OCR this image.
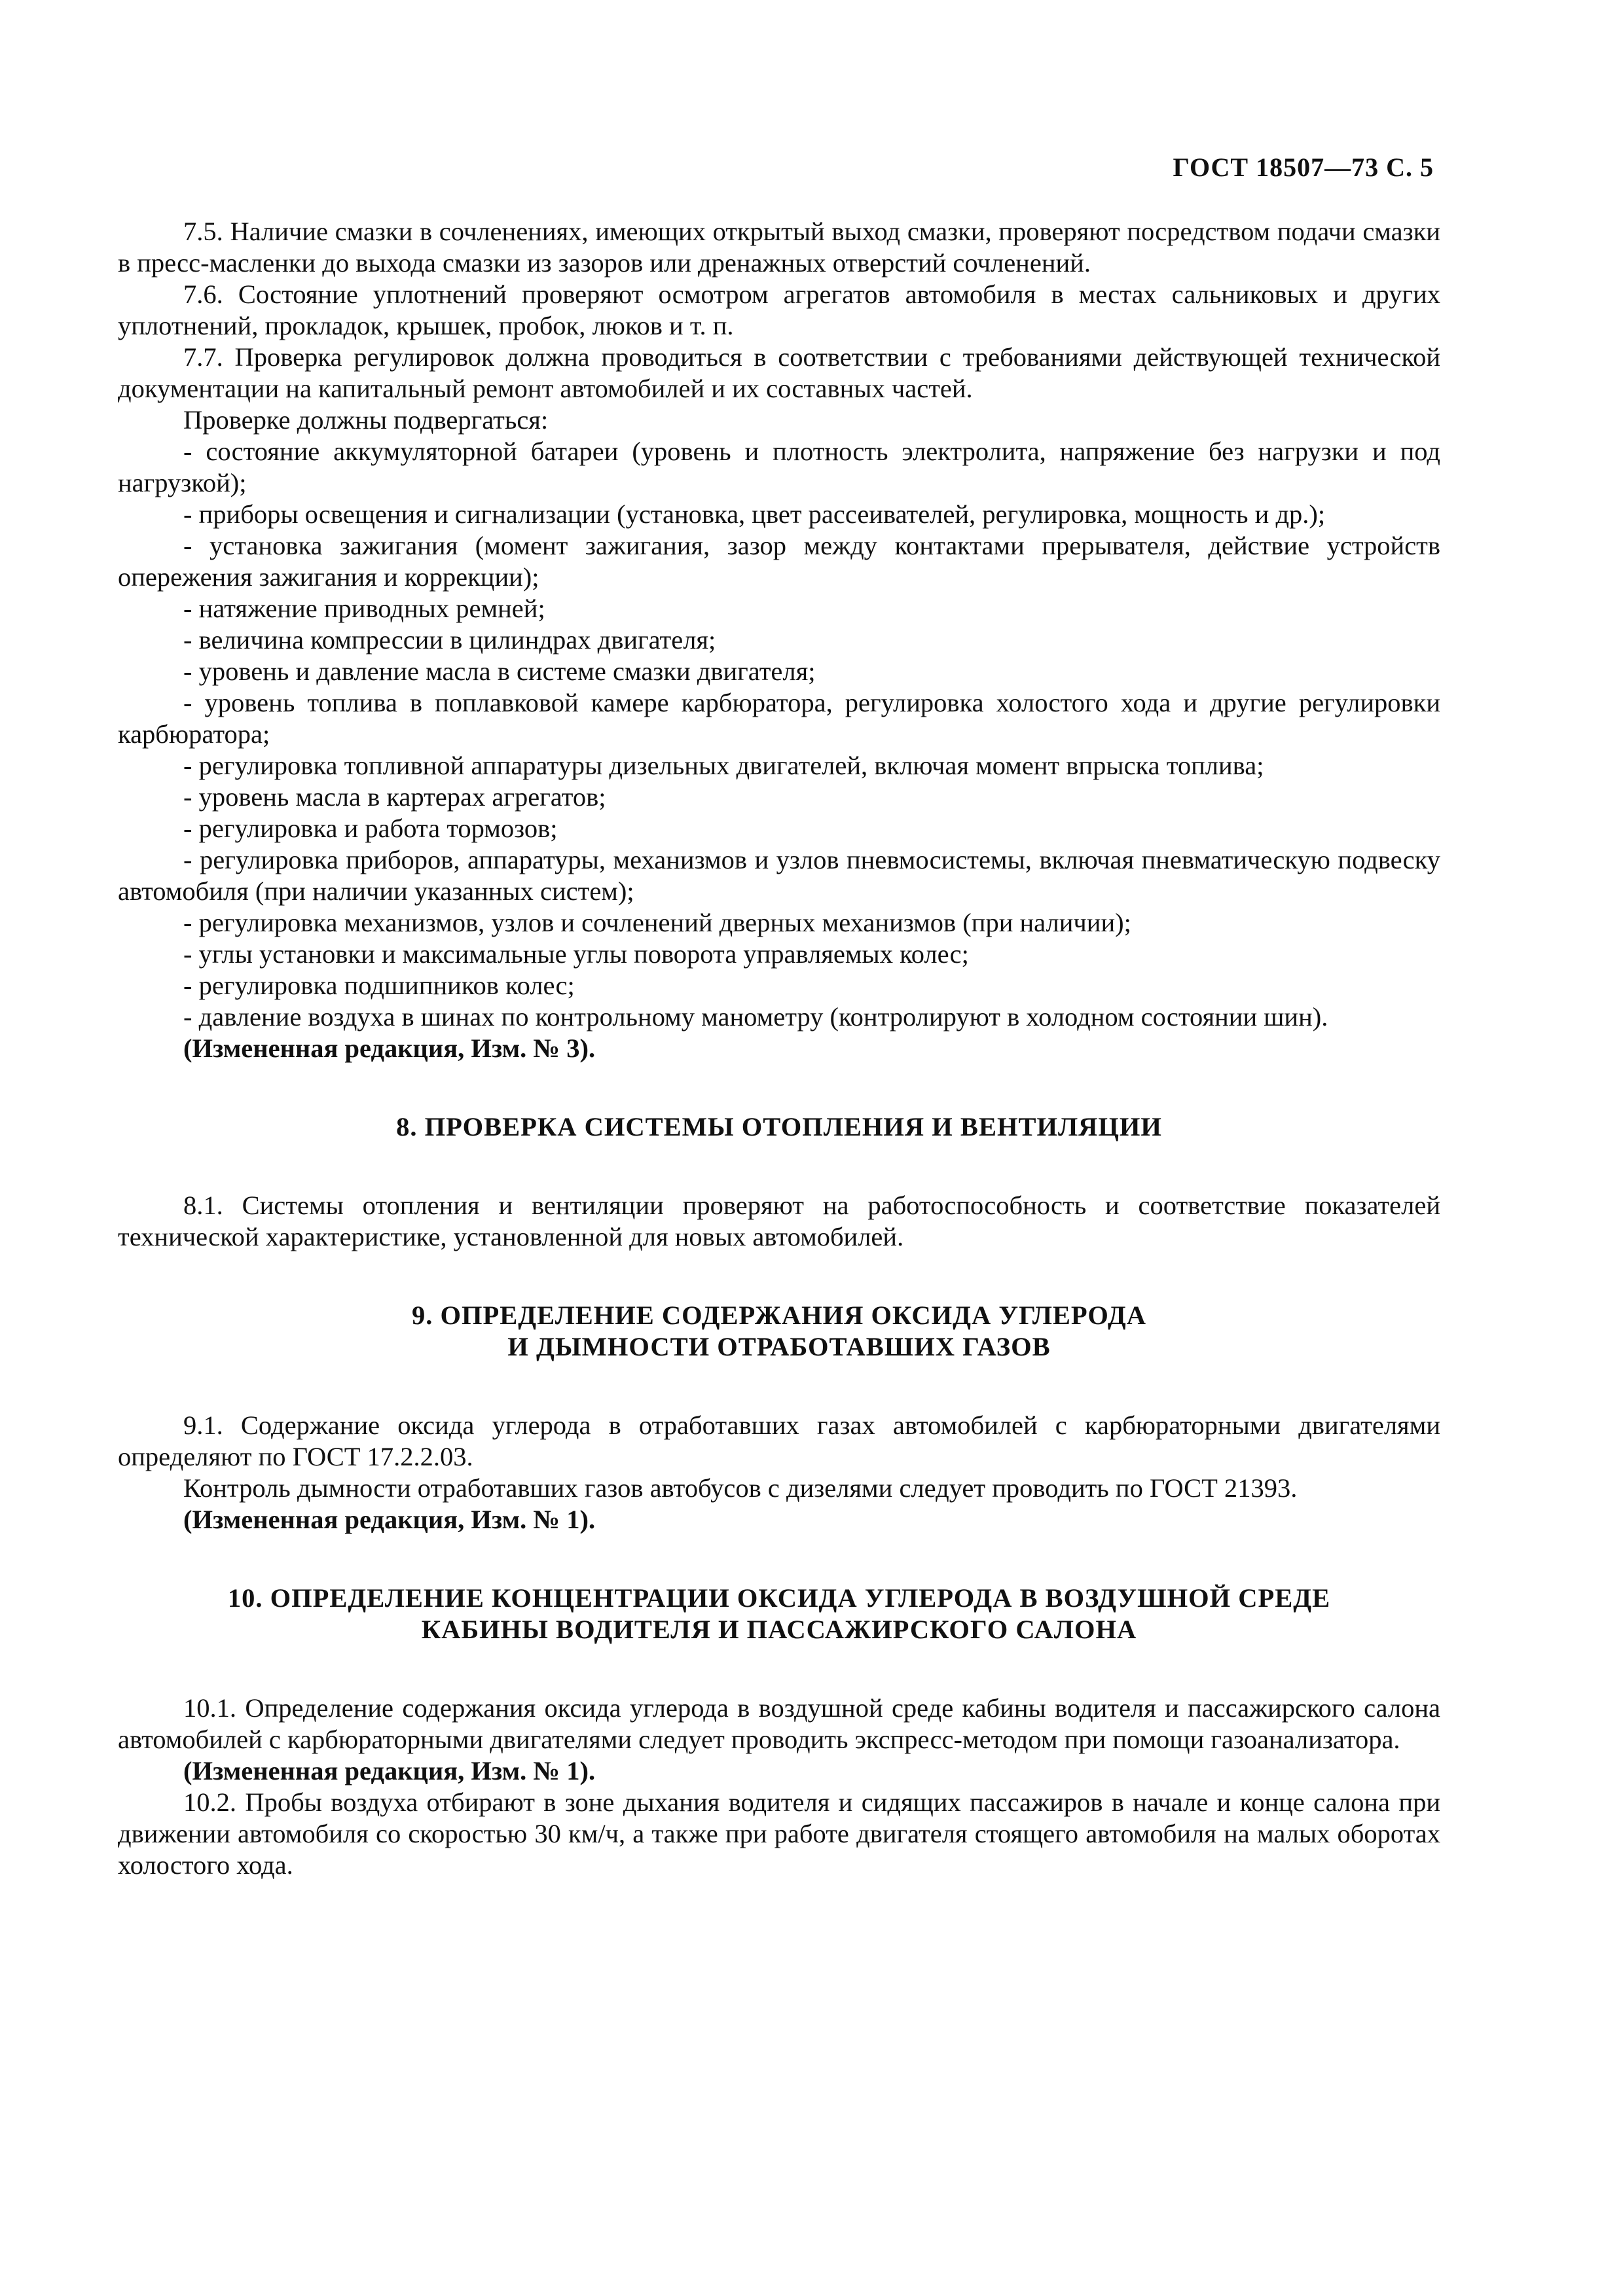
ГОСТ 18507—73 С. 5

7.5. Наличие смазки в сочленениях, имеющих открытый выход смазки, проверяют посредством подачи смазки в пресс-масленки до выхода смазки из зазоров или дренажных отверстий сочленений.

7.6. Состояние уплотнений проверяют осмотром агрегатов автомобиля в местах сальниковых и других уплотнений, прокладок, крышек, пробок, люков и т. п.

7.7. Проверка регулировок должна проводиться в соответствии с требованиями действующей технической документации на капитальный ремонт автомобилей и их составных частей.

Проверке должны подвергаться:

- состояние аккумуляторной батареи (уровень и плотность электролита, напряжение без нагрузки и под нагрузкой);

- приборы освещения и сигнализации (установка, цвет рассеивателей, регулировка, мощность и др.);

- установка зажигания (момент зажигания, зазор между контактами прерывателя, действие устройств опережения зажигания и коррекции);

- натяжение приводных ремней;

- величина компрессии в цилиндрах двигателя;

- уровень и давление масла в системе смазки двигателя;

- уровень топлива в поплавковой камере карбюратора, регулировка холостого хода и другие регулировки карбюратора;

- регулировка топливной аппаратуры дизельных двигателей, включая момент впрыска топлива;

- уровень масла в картерах агрегатов;

- регулировка и работа тормозов;

- регулировка приборов, аппаратуры, механизмов и узлов пневмосистемы, включая пневматическую подвеску автомобиля (при наличии указанных систем);

- регулировка механизмов, узлов и сочленений дверных механизмов (при наличии);

- углы установки и максимальные углы поворота управляемых колес;

- регулировка подшипников колес;

- давление воздуха в шинах по контрольному манометру (контролируют в холодном состоянии шин).

(Измененная редакция, Изм. № 3).

8. ПРОВЕРКА СИСТЕМЫ ОТОПЛЕНИЯ И ВЕНТИЛЯЦИИ

8.1. Системы отопления и вентиляции проверяют на работоспособность и соответствие показателей технической характеристике, установленной для новых автомобилей.

9. ОПРЕДЕЛЕНИЕ СОДЕРЖАНИЯ ОКСИДА УГЛЕРОДА

И ДЫМНОСТИ ОТРАБОТАВШИХ ГАЗОВ

9.1. Содержание оксида углерода в отработавших газах автомобилей с карбюраторными двигателями определяют по ГОСТ 17.2.2.03.

Контроль дымности отработавших газов автобусов с дизелями следует проводить по ГОСТ 21393.

(Измененная редакция, Изм. № 1).

10. ОПРЕДЕЛЕНИЕ КОНЦЕНТРАЦИИ ОКСИДА УГЛЕРОДА В ВОЗДУШНОЙ СРЕДЕ

КАБИНЫ ВОДИТЕЛЯ И ПАССАЖИРСКОГО САЛОНА

10.1. Определение содержания оксида углерода в воздушной среде кабины водителя и пассажирского салона автомобилей с карбюраторными двигателями следует проводить экспресс-методом при помощи газоанализатора.

(Измененная редакция, Изм. № 1).

10.2. Пробы воздуха отбирают в зоне дыхания водителя и сидящих пассажиров в начале и конце салона при движении автомобиля со скоростью 30 км/ч, а также при работе двигателя стоящего автомобиля на малых оборотах холостого хода.
